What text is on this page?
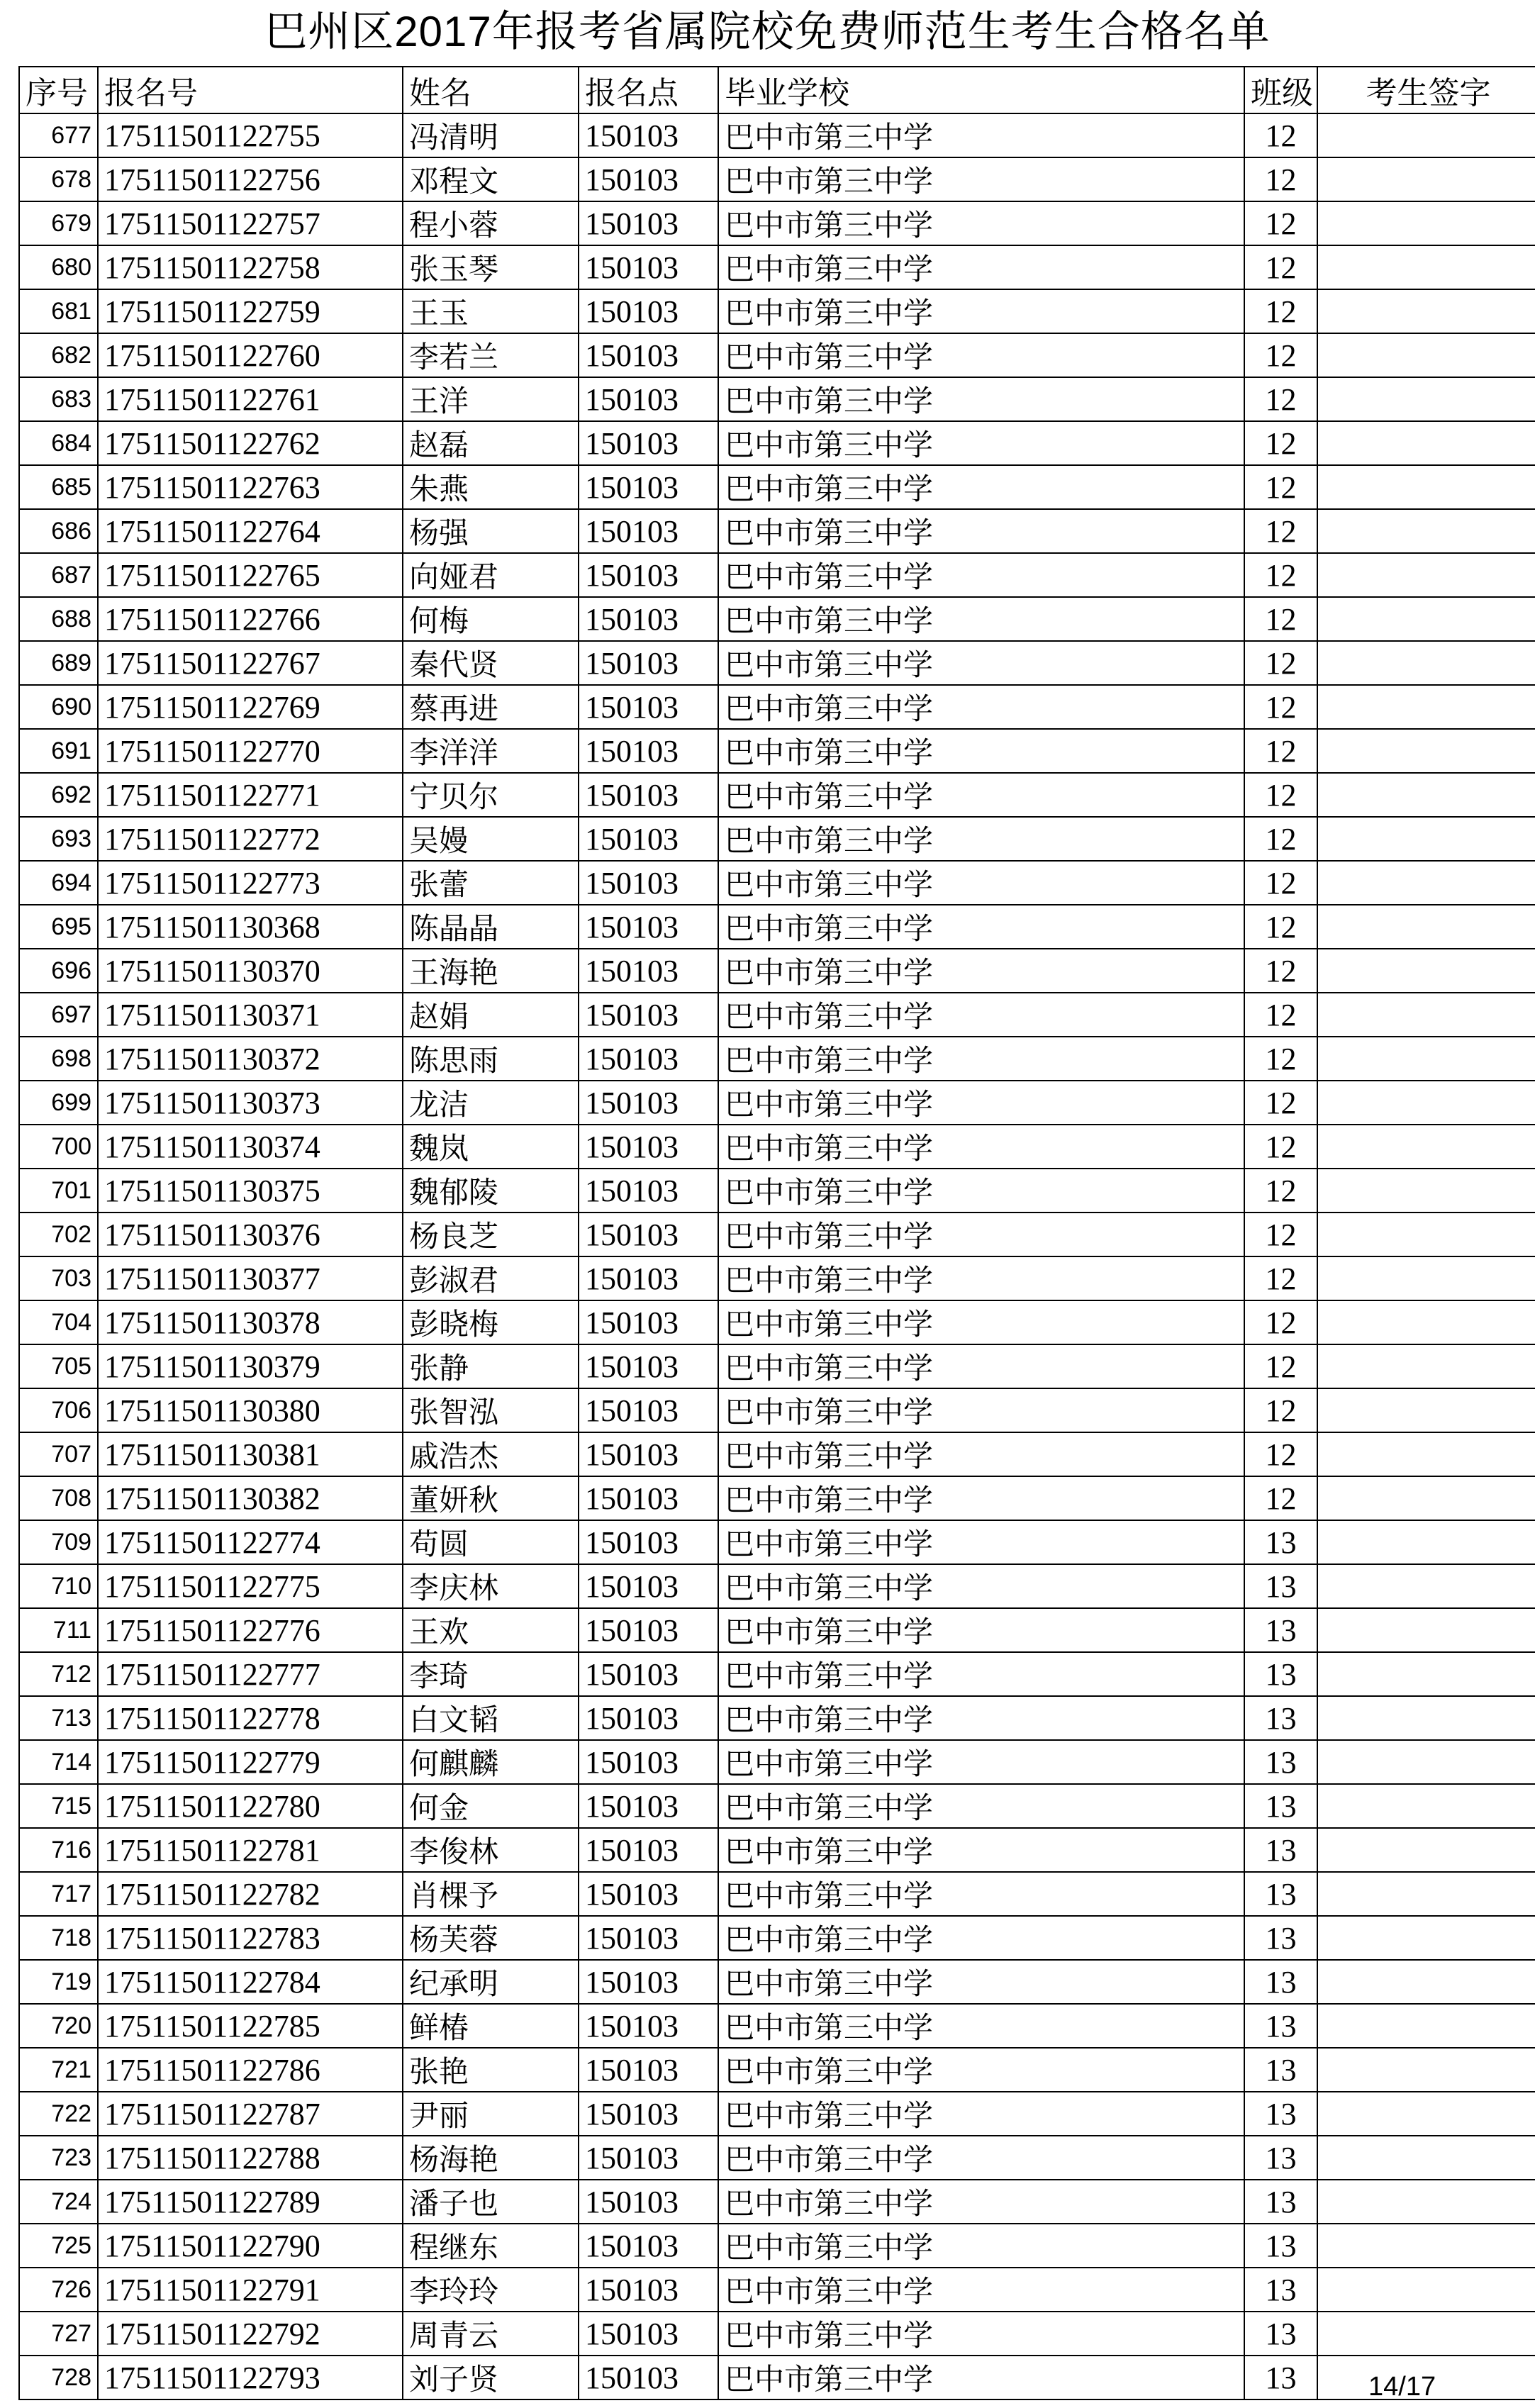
巴州区2017年报考省属院校免费师范生考生合格名单
序号	报名号	姓名	报名点	毕业学校	班级	考生签字
677	17511501122755	冯清明	150103	巴中市第三中学	12	
678	17511501122756	邓程文	150103	巴中市第三中学	12	
679	17511501122757	程小蓉	150103	巴中市第三中学	12	
680	17511501122758	张玉琴	150103	巴中市第三中学	12	
681	17511501122759	王玉	150103	巴中市第三中学	12	
682	17511501122760	李若兰	150103	巴中市第三中学	12	
683	17511501122761	王洋	150103	巴中市第三中学	12	
684	17511501122762	赵磊	150103	巴中市第三中学	12	
685	17511501122763	朱燕	150103	巴中市第三中学	12	
686	17511501122764	杨强	150103	巴中市第三中学	12	
687	17511501122765	向娅君	150103	巴中市第三中学	12	
688	17511501122766	何梅	150103	巴中市第三中学	12	
689	17511501122767	秦代贤	150103	巴中市第三中学	12	
690	17511501122769	蔡再进	150103	巴中市第三中学	12	
691	17511501122770	李洋洋	150103	巴中市第三中学	12	
692	17511501122771	宁贝尔	150103	巴中市第三中学	12	
693	17511501122772	吴嫚	150103	巴中市第三中学	12	
694	17511501122773	张蕾	150103	巴中市第三中学	12	
695	17511501130368	陈晶晶	150103	巴中市第三中学	12	
696	17511501130370	王海艳	150103	巴中市第三中学	12	
697	17511501130371	赵娟	150103	巴中市第三中学	12	
698	17511501130372	陈思雨	150103	巴中市第三中学	12	
699	17511501130373	龙洁	150103	巴中市第三中学	12	
700	17511501130374	魏岚	150103	巴中市第三中学	12	
701	17511501130375	魏郁陵	150103	巴中市第三中学	12	
702	17511501130376	杨良芝	150103	巴中市第三中学	12	
703	17511501130377	彭淑君	150103	巴中市第三中学	12	
704	17511501130378	彭晓梅	150103	巴中市第三中学	12	
705	17511501130379	张静	150103	巴中市第三中学	12	
706	17511501130380	张智泓	150103	巴中市第三中学	12	
707	17511501130381	戚浩杰	150103	巴中市第三中学	12	
708	17511501130382	董妍秋	150103	巴中市第三中学	12	
709	17511501122774	苟圆	150103	巴中市第三中学	13	
710	17511501122775	李庆林	150103	巴中市第三中学	13	
711	17511501122776	王欢	150103	巴中市第三中学	13	
712	17511501122777	李琦	150103	巴中市第三中学	13	
713	17511501122778	白文韬	150103	巴中市第三中学	13	
714	17511501122779	何麒麟	150103	巴中市第三中学	13	
715	17511501122780	何金	150103	巴中市第三中学	13	
716	17511501122781	李俊林	150103	巴中市第三中学	13	
717	17511501122782	肖棵予	150103	巴中市第三中学	13	
718	17511501122783	杨芙蓉	150103	巴中市第三中学	13	
719	17511501122784	纪承明	150103	巴中市第三中学	13	
720	17511501122785	鲜椿	150103	巴中市第三中学	13	
721	17511501122786	张艳	150103	巴中市第三中学	13	
722	17511501122787	尹丽	150103	巴中市第三中学	13	
723	17511501122788	杨海艳	150103	巴中市第三中学	13	
724	17511501122789	潘子也	150103	巴中市第三中学	13	
725	17511501122790	程继东	150103	巴中市第三中学	13	
726	17511501122791	李玲玲	150103	巴中市第三中学	13	
727	17511501122792	周青云	150103	巴中市第三中学	13	
728	17511501122793	刘子贤	150103	巴中市第三中学	13		14/17
